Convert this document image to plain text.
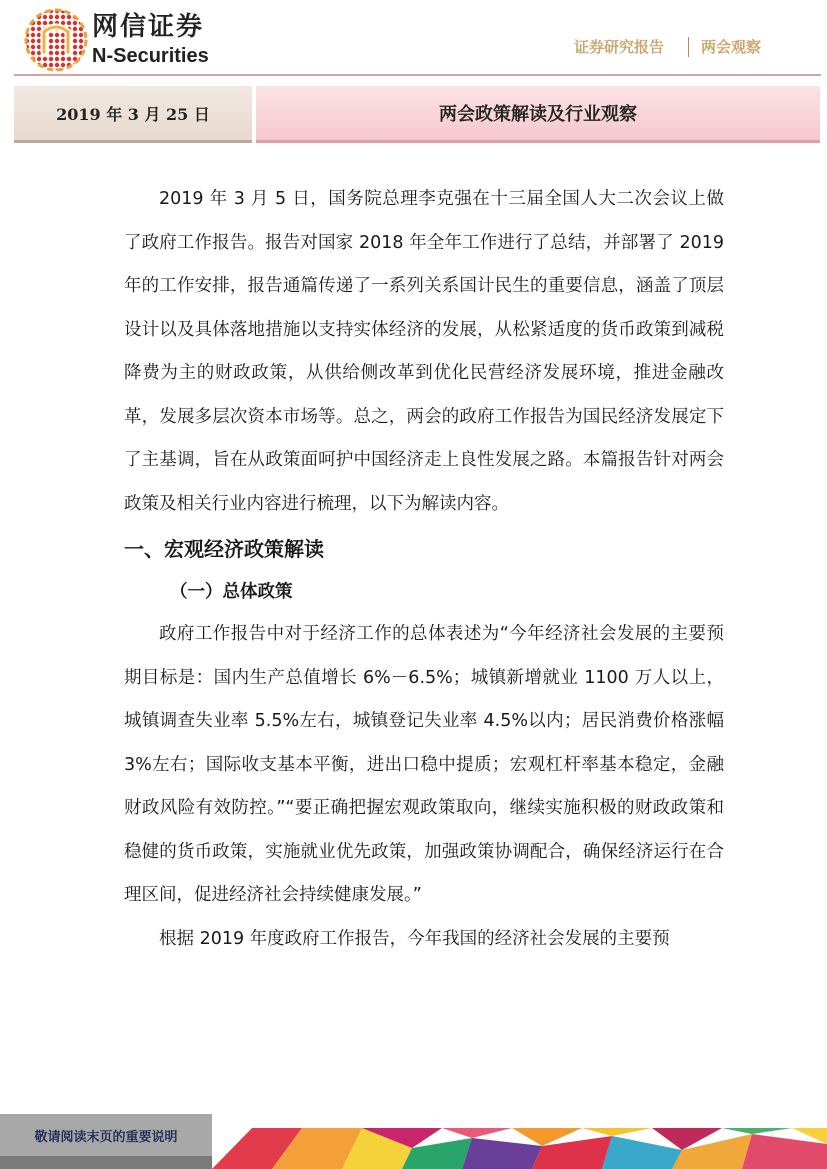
网信证券
N-Securities	证券研究报告 两会观察
2019 年 3 月 25 日	两会政策解读及行业观察

2019 年 3 月 5 日，国务院总理李克强在十三届全国人大二次会议上做了政府工作报告。报告对国家 2018 年全年工作进行了总结，并部署了 2019 年的工作安排，报告通篇传递了一系列关系国计民生的重要信息，涵盖了顶层设计以及具体落地措施以支持实体经济的发展，从松紧适度的货币政策到减税降费为主的财政政策，从供给侧改革到优化民营经济发展环境，推进金融改革，发展多层次资本市场等。总之，两会的政府工作报告为国民经济发展定下了主基调，旨在从政策面呵护中国经济走上良性发展之路。本篇报告针对两会政策及相关行业内容进行梳理，以下为解读内容。

一、宏观经济政策解读
（一）总体政策

政府工作报告中对于经济工作的总体表述为“今年经济社会发展的主要预期目标是：国内生产总值增长 6%－6.5%；城镇新增就业 1100 万人以上，城镇调查失业率 5.5%左右，城镇登记失业率 4.5%以内；居民消费价格涨幅 3%左右；国际收支基本平衡，进出口稳中提质；宏观杠杆率基本稳定，金融财政风险有效防控。”“要正确把握宏观政策取向，继续实施积极的财政政策和稳健的货币政策，实施就业优先政策，加强政策协调配合，确保经济运行在合理区间，促进经济社会持续健康发展。”

根据 2019 年度政府工作报告，今年我国的经济社会发展的主要预

敬请阅读末页的重要说明
